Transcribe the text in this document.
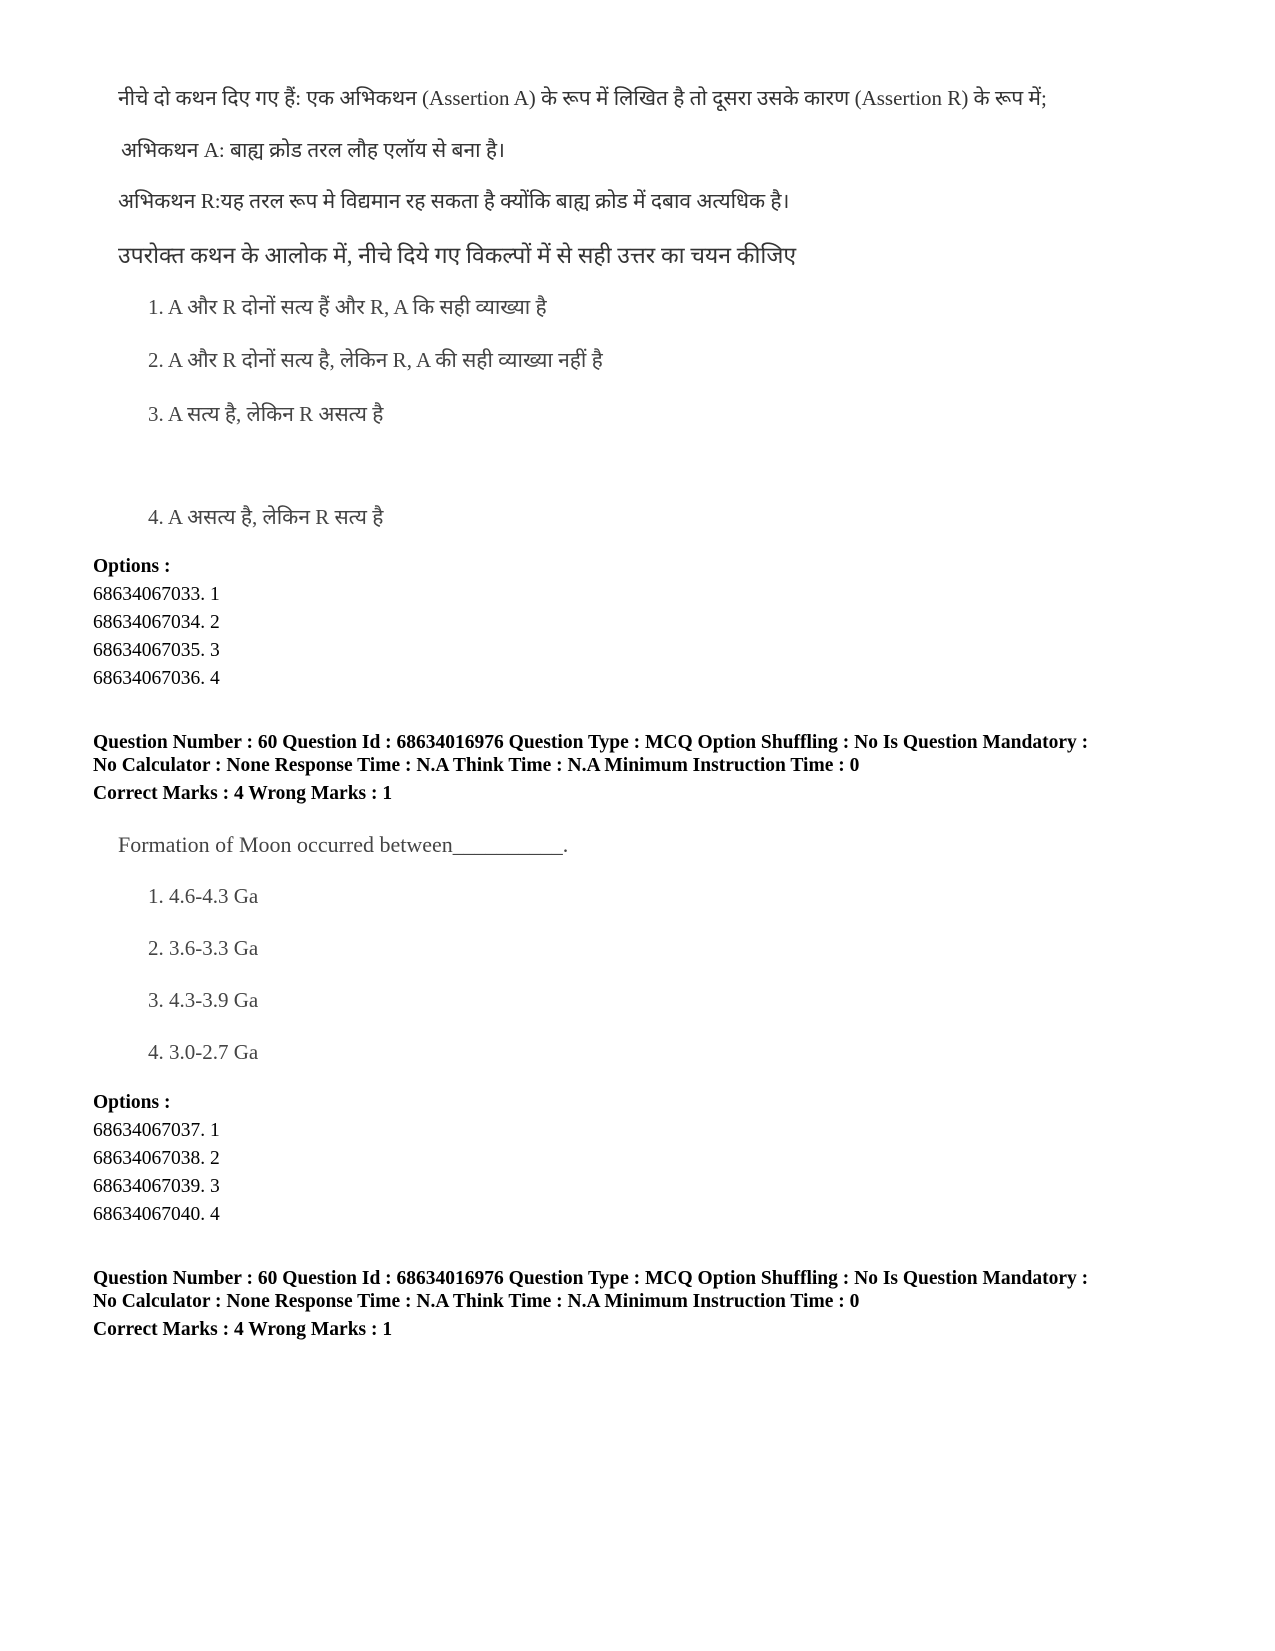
नीचे दो कथन दिए गए हैं: एक अभिकथन (Assertion A) के रूप में लिखित है तो दूसरा उसके कारण (Assertion R) के रूप में;
अभिकथन A: बाह्य क्रोड तरल लौह एलॉय से बना है।
अभिकथन R:यह तरल रूप मे विद्यमान रह सकता है क्योंकि बाह्य क्रोड में दबाव अत्यधिक है।
उपरोक्त कथन के आलोक में, नीचे दिये गए विकल्पों में से सही उत्तर का चयन कीजिए
1. A और R दोनों सत्य हैं और R, A कि सही व्याख्या है
2. A और R दोनों सत्य है, लेकिन R, A की सही व्याख्या नहीं है
3. A सत्य है, लेकिन R असत्य है
4. A असत्य है, लेकिन R सत्य है
Options :
68634067033. 1
68634067034. 2
68634067035. 3
68634067036. 4
Question Number : 60 Question Id : 68634016976 Question Type : MCQ Option Shuffling : No Is Question Mandatory :
No Calculator : None Response Time : N.A Think Time : N.A Minimum Instruction Time : 0
Correct Marks : 4 Wrong Marks : 1
Formation of Moon occurred between__________.
1. 4.6-4.3 Ga
2. 3.6-3.3 Ga
3. 4.3-3.9 Ga
4. 3.0-2.7 Ga
Options :
68634067037. 1
68634067038. 2
68634067039. 3
68634067040. 4
Question Number : 60 Question Id : 68634016976 Question Type : MCQ Option Shuffling : No Is Question Mandatory :
No Calculator : None Response Time : N.A Think Time : N.A Minimum Instruction Time : 0
Correct Marks : 4 Wrong Marks : 1
